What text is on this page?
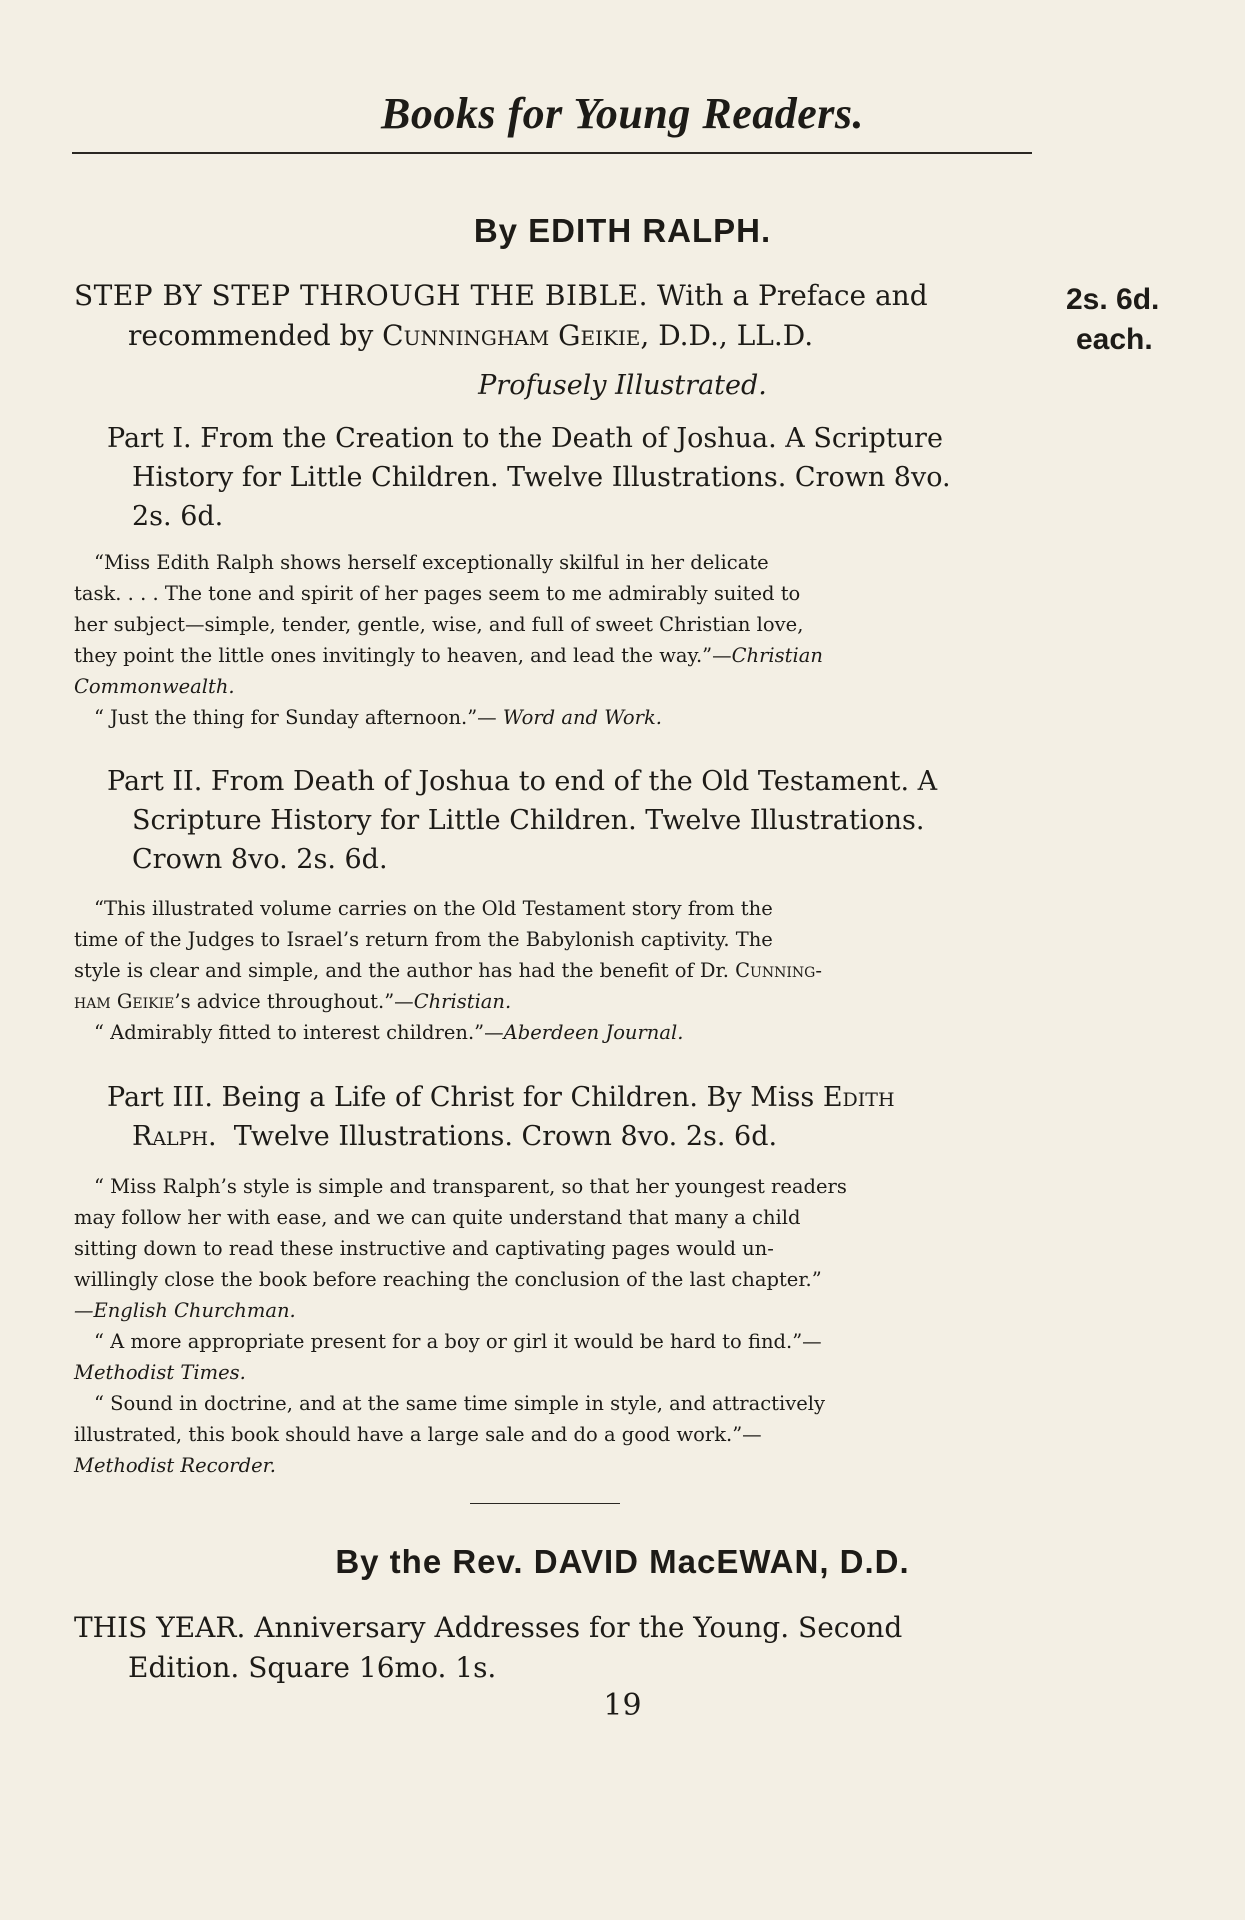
Books for Young Readers.
By EDITH RALPH.
STEP BY STEP THROUGH THE BIBLE. With a Preface and
recommended by Cunningham Geikie, D.D., LL.D.
2s. 6d.
each.
Profusely Illustrated.
Part I. From the Creation to the Death of Joshua. A Scripture
History for Little Children. Twelve Illustrations. Crown 8vo.
2s. 6d.
“Miss Edith Ralph shows herself exceptionally skilful in her delicate
task. . . . The tone and spirit of her pages seem to me admirably suited to
her subject—simple, tender, gentle, wise, and full of sweet Christian love,
they point the little ones invitingly to heaven, and lead the way.”—Christian
Commonwealth.
“ Just the thing for Sunday afternoon.”— Word and Work.
Part II. From Death of Joshua to end of the Old Testament. A
Scripture History for Little Children. Twelve Illustrations.
Crown 8vo. 2s. 6d.
“This illustrated volume carries on the Old Testament story from the
time of the Judges to Israel’s return from the Babylonish captivity. The
style is clear and simple, and the author has had the benefit of Dr. Cunning-
ham Geikie’s advice throughout.”—Christian.
“ Admirably fitted to interest children.”—Aberdeen Journal.
Part III. Being a Life of Christ for Children. By Miss Edith
Ralph. Twelve Illustrations. Crown 8vo. 2s. 6d.
“ Miss Ralph’s style is simple and transparent, so that her youngest readers
may follow her with ease, and we can quite understand that many a child
sitting down to read these instructive and captivating pages would un-
willingly close the book before reaching the conclusion of the last chapter.”
—English Churchman.
“ A more appropriate present for a boy or girl it would be hard to find.”—
Methodist Times.
“ Sound in doctrine, and at the same time simple in style, and attractively
illustrated, this book should have a large sale and do a good work.”—
Methodist Recorder.
By the Rev. DAVID MacEWAN, D.D.
THIS YEAR. Anniversary Addresses for the Young. Second
Edition. Square 16mo. 1s.
19
